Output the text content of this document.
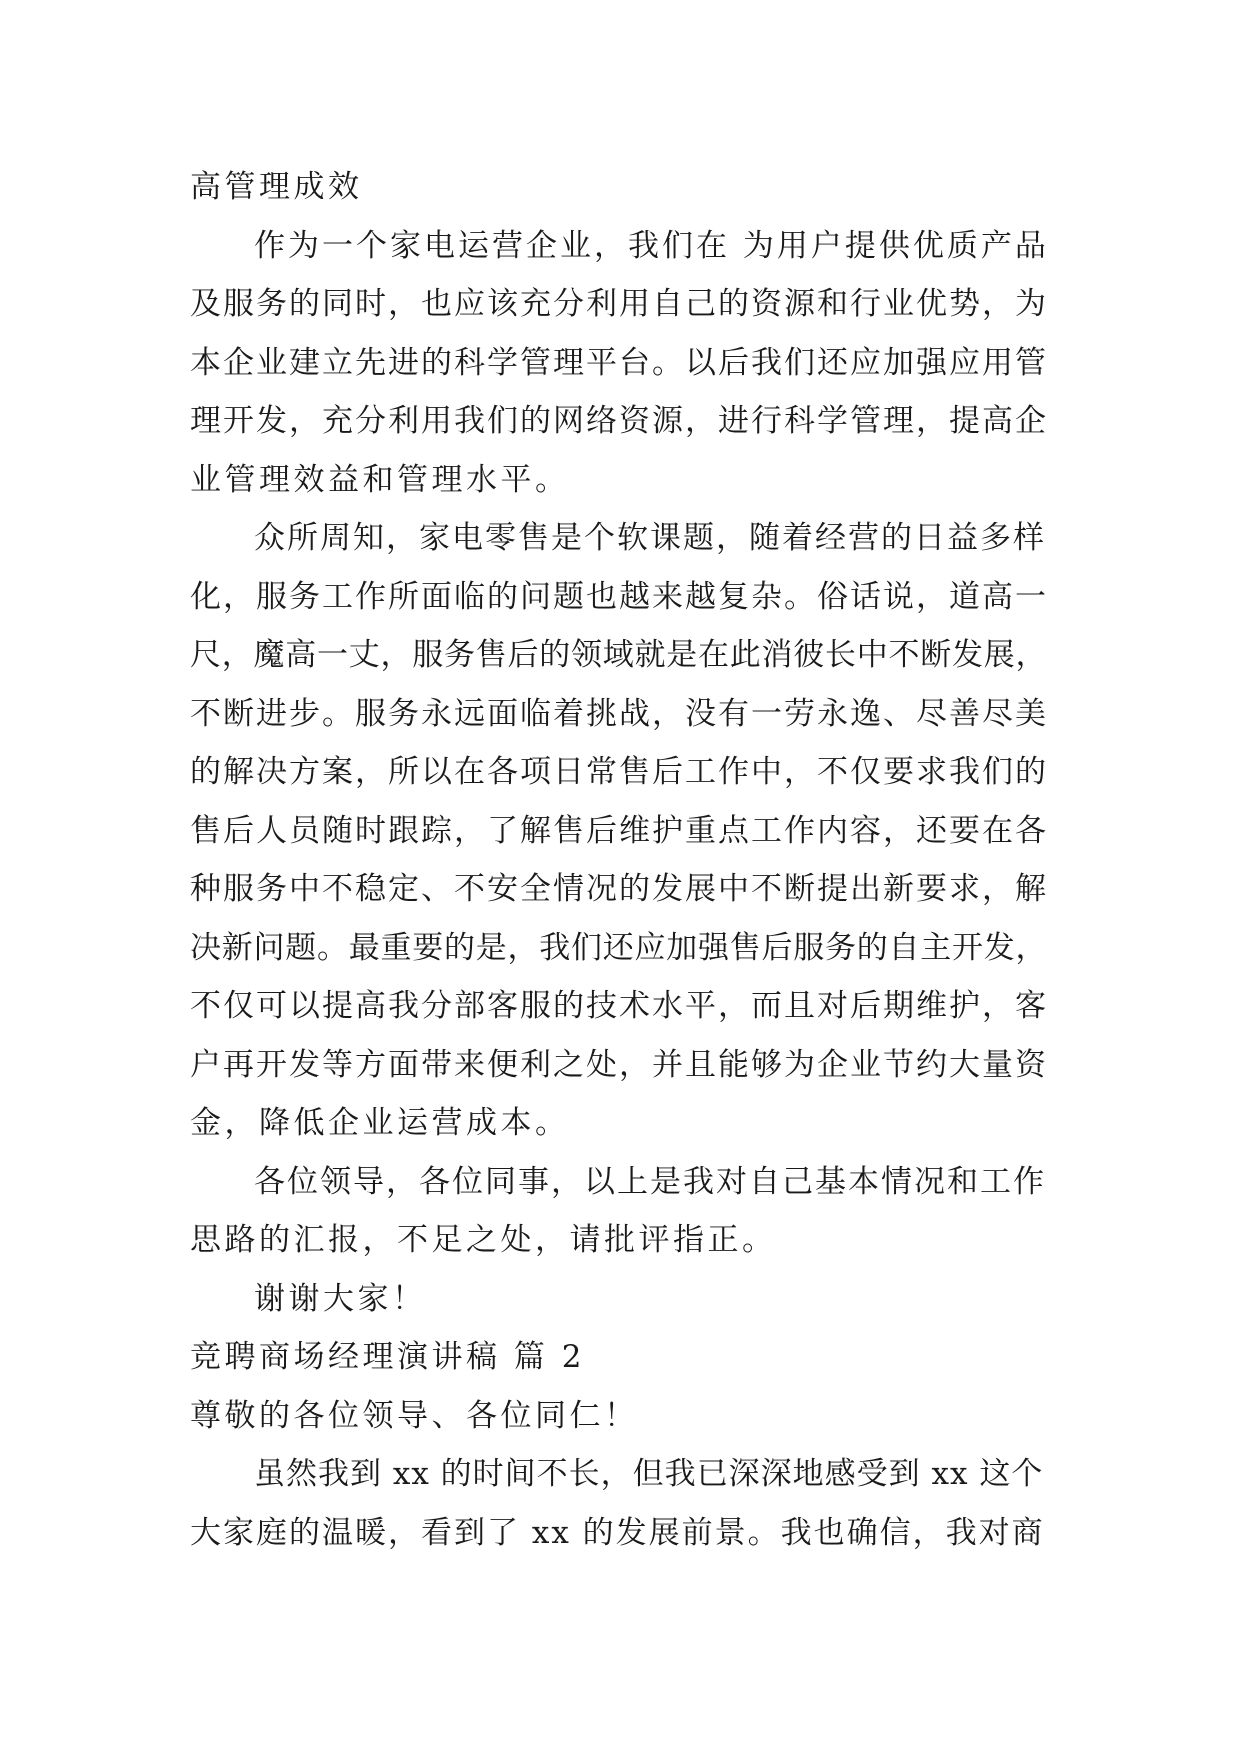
高管理成效
作为一个家电运营企业，我们在 为用户提供优质产品
及服务的同时，也应该充分利用自己的资源和行业优势，为
本企业建立先进的科学管理平台。以后我们还应加强应用管
理开发，充分利用我们的网络资源，进行科学管理，提高企
业管理效益和管理水平。
众所周知，家电零售是个软课题，随着经营的日益多样
化，服务工作所面临的问题也越来越复杂。俗话说，道高一
尺，魔高一丈，服务售后的领域就是在此消彼长中不断发展，
不断进步。服务永远面临着挑战，没有一劳永逸、尽善尽美
的解决方案，所以在各项日常售后工作中，不仅要求我们的
售后人员随时跟踪，了解售后维护重点工作内容，还要在各
种服务中不稳定、不安全情况的发展中不断提出新要求，解
决新问题。最重要的是，我们还应加强售后服务的自主开发，
不仅可以提高我分部客服的技术水平，而且对后期维护，客
户再开发等方面带来便利之处，并且能够为企业节约大量资
金，降低企业运营成本。
各位领导，各位同事，以上是我对自己基本情况和工作
思路的汇报，不足之处，请批评指正。
谢谢大家！
竞聘商场经理演讲稿 篇 2
尊敬的各位领导、各位同仁！
虽然我到 xx 的时间不长，但我已深深地感受到 xx 这个
大家庭的温暖，看到了 xx 的发展前景。我也确信，我对商
